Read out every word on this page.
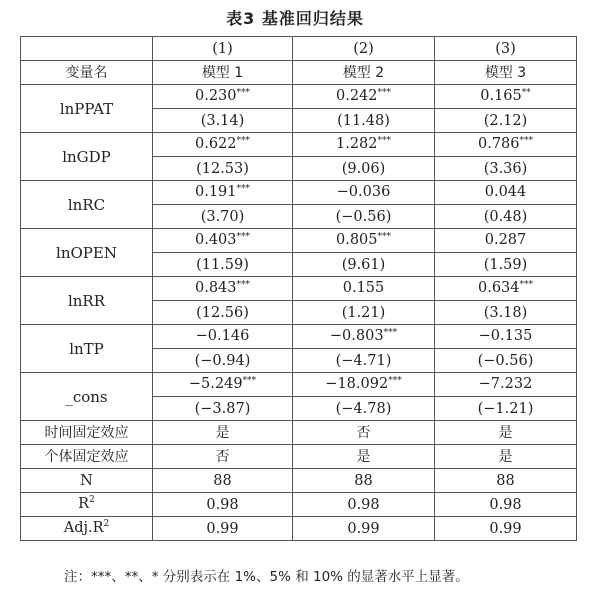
表3 基准回归结果
	(1)	(2)	(3)
变量名	模型 1	模型 2	模型 3
lnPPAT	0.230***	0.242***	0.165**
	(3.14)	(11.48)	(2.12)
lnGDP	0.622***	1.282***	0.786***
	(12.53)	(9.06)	(3.36)
lnRC	0.191***	−0.036	0.044
	(3.70)	(−0.56)	(0.48)
lnOPEN	0.403***	0.805***	0.287
	(11.59)	(9.61)	(1.59)
lnRR	0.843***	0.155	0.634***
	(12.56)	(1.21)	(3.18)
lnTP	−0.146	−0.803***	−0.135
	(−0.94)	(−4.71)	(−0.56)
_cons	−5.249***	−18.092***	−7.232
	(−3.87)	(−4.78)	(−1.21)
时间固定效应	是	否	是
个体固定效应	否	是	是
N	88	88	88
$R^2$	0.98	0.98	0.98
$Adj.R^2$	0.99	0.99	0.99
注：***、**、* 分别表示在 1%、5% 和 10% 的显著水平上显著。
